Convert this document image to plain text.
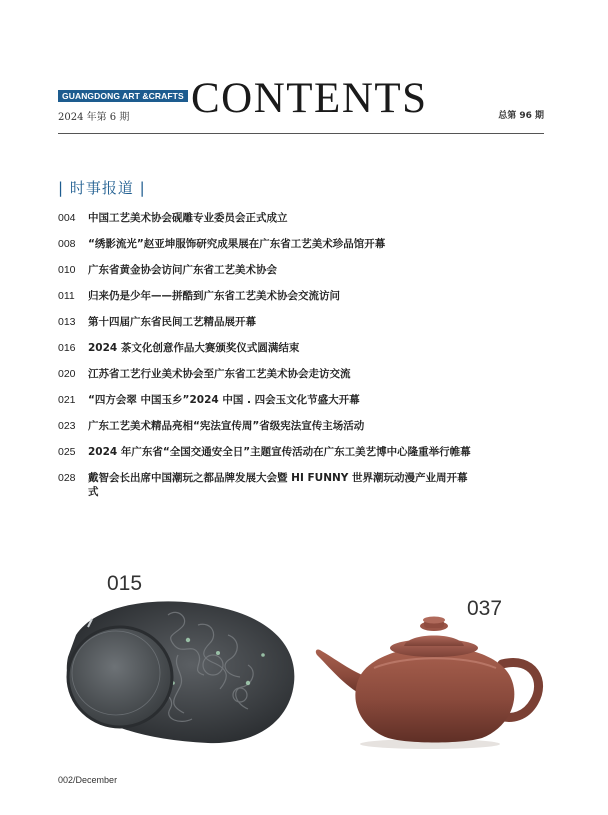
GUANGDONG ART &CRAFTS CONTENTS
2024 年第 6 期	总第 96 期
| 时事报道 |
004	中国工艺美术协会砚雕专业委员会正式成立
008	“绣影流光”赵亚坤服饰研究成果展在广东省工艺美术珍品馆开幕
010	广东省黄金协会访问广东省工艺美术协会
011	归来仍是少年——拼酷到广东省工艺美术协会交流访问
013	第十四届广东省民间工艺精品展开幕
016	2024 茶文化创意作品大赛颁奖仪式圆满结束
020	江苏省工艺行业美术协会至广东省工艺美术协会走访交流
021	“四方会翠 中国玉乡”2024 中国 . 四会玉文化节盛大开幕
023	广东工艺美术精品亮相“宪法宣传周”省级宪法宣传主场活动
025	2024 年广东省“全国交通安全日”主题宣传活动在广东工美艺博中心隆重举行帷幕
028	戴智会长出席中国潮玩之都品牌发展大会暨 HI FUNNY 世界潮玩动漫产业周开幕式
015
037
002/December
